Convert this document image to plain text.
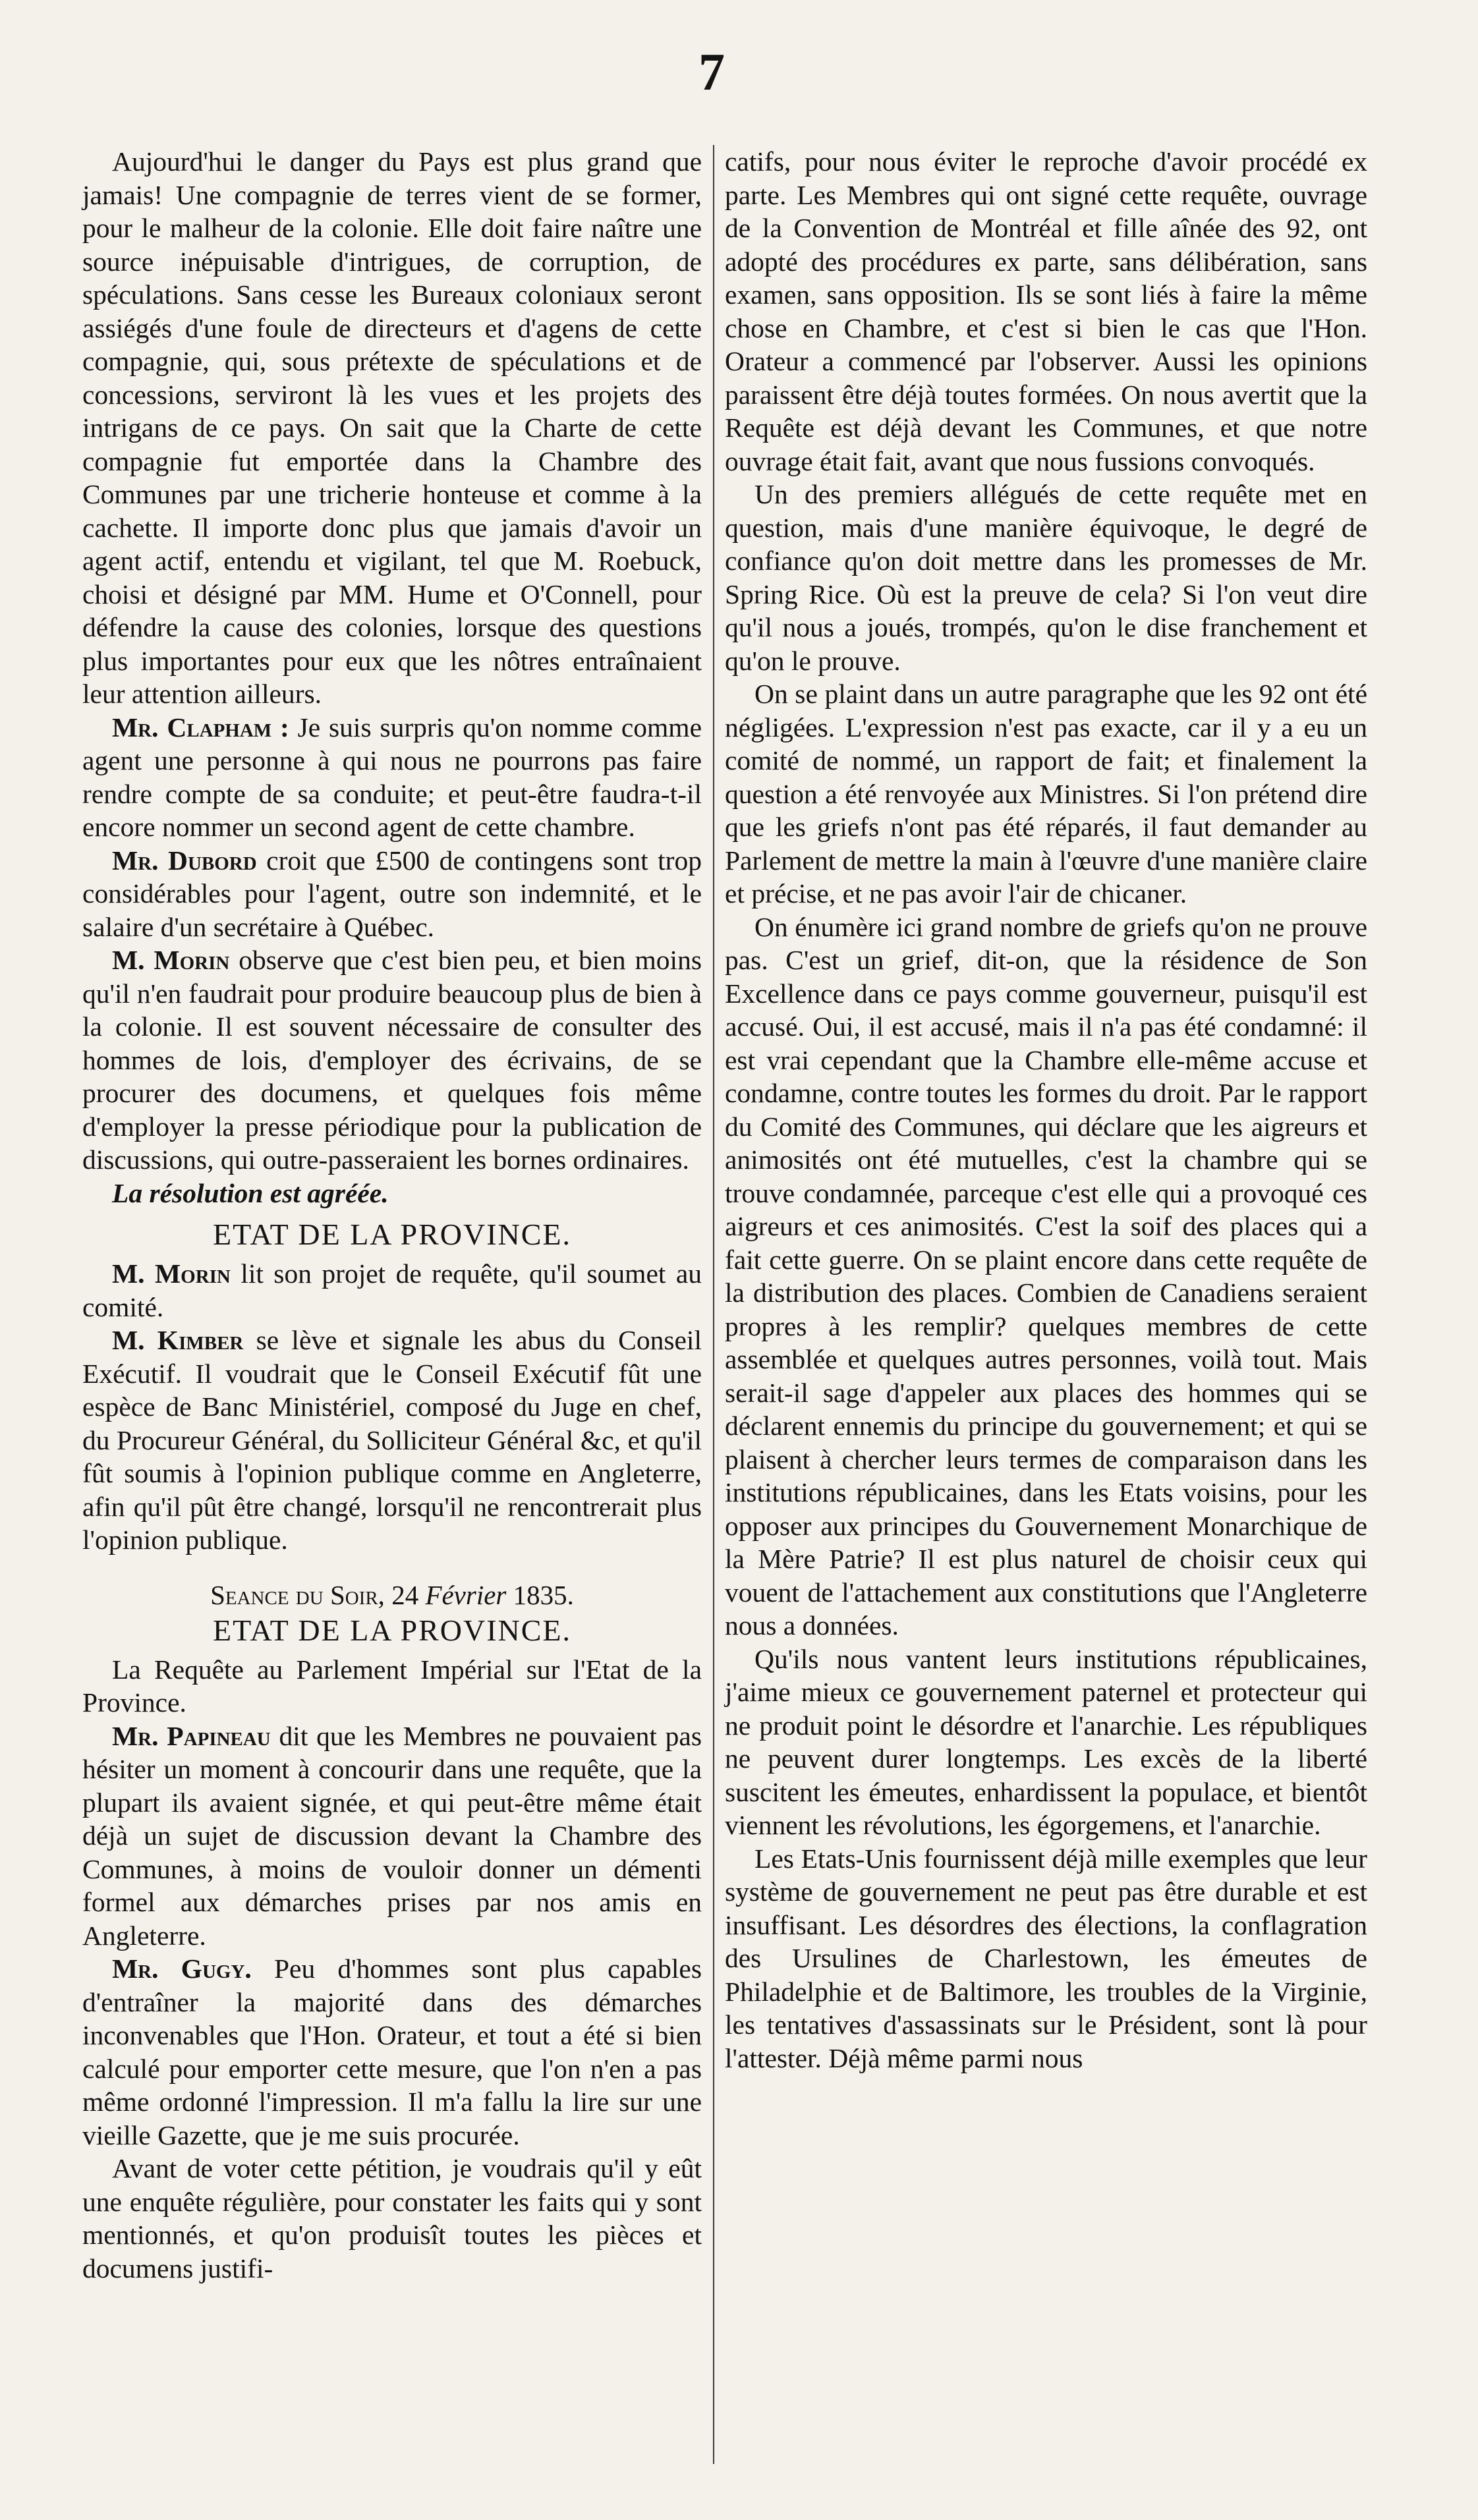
7

Aujourd'hui le danger du Pays est plus grand que jamais! Une compagnie de terres vient de se former, pour le malheur de la colonie. Elle doit faire naître une source inépuisable d'intrigues, de corruption, de spéculations. Sans cesse les Bureaux coloniaux seront assiégés d'une foule de directeurs et d'agens de cette compagnie, qui, sous prétexte de spéculations et de concessions, serviront là les vues et les projets des intrigans de ce pays. On sait que la Charte de cette compagnie fut emportée dans la Chambre des Communes par une tricherie honteuse et comme à la cachette. Il importe donc plus que jamais d'avoir un agent actif, entendu et vigilant, tel que M. Roebuck, choisi et désigné par MM. Hume et O'Connell, pour défendre la cause des colonies, lorsque des questions plus importantes pour eux que les nôtres entraînaient leur attention ailleurs.

Mr. Clapham : Je suis surpris qu'on nomme comme agent une personne à qui nous ne pourrons pas faire rendre compte de sa conduite; et peut-être faudra-t-il encore nommer un second agent de cette chambre.

Mr. Dubord croit que £500 de contingens sont trop considérables pour l'agent, outre son indemnité, et le salaire d'un secrétaire à Québec.

M. Morin observe que c'est bien peu, et bien moins qu'il n'en faudrait pour produire beaucoup plus de bien à la colonie. Il est souvent nécessaire de consulter des hommes de lois, d'employer des écrivains, de se procurer des documens, et quelques fois même d'employer la presse périodique pour la publication de discussions, qui outre-passeraient les bornes ordinaires.

La résolution est agréée.

ETAT DE LA PROVINCE.

M. Morin lit son projet de requête, qu'il soumet au comité.

M. Kimber se lève et signale les abus du Conseil Exécutif. Il voudrait que le Conseil Exécutif fût une espèce de Banc Ministériel, composé du Juge en chef, du Procureur Général, du Solliciteur Général &c, et qu'il fût soumis à l'opinion publique comme en Angleterre, afin qu'il pût être changé, lorsqu'il ne rencontrerait plus l'opinion publique.

Seance du Soir, 24 Février 1835.
ETAT DE LA PROVINCE.

La Requête au Parlement Impérial sur l'Etat de la Province.

Mr. Papineau dit que les Membres ne pouvaient pas hésiter un moment à concourir dans une requête, que la plupart ils avaient signée, et qui peut-être même était déjà un sujet de discussion devant la Chambre des Communes, à moins de vouloir donner un démenti formel aux démarches prises par nos amis en Angleterre.

Mr. Gugy. Peu d'hommes sont plus capables d'entraîner la majorité dans des démarches inconvenables que l'Hon. Orateur, et tout a été si bien calculé pour emporter cette mesure, que l'on n'en a pas même ordonné l'impression. Il m'a fallu la lire sur une vieille Gazette, que je me suis procurée.

Avant de voter cette pétition, je voudrais qu'il y eût une enquête régulière, pour constater les faits qui y sont mentionnés, et qu'on produisît toutes les pièces et documens justifi-

catifs, pour nous éviter le reproche d'avoir procédé ex parte. Les Membres qui ont signé cette requête, ouvrage de la Convention de Montréal et fille aînée des 92, ont adopté des procédures ex parte, sans délibération, sans examen, sans opposition. Ils se sont liés à faire la même chose en Chambre, et c'est si bien le cas que l'Hon. Orateur a commencé par l'observer. Aussi les opinions paraissent être déjà toutes formées. On nous avertit que la Requête est déjà devant les Communes, et que notre ouvrage était fait, avant que nous fussions convoqués.

Un des premiers allégués de cette requête met en question, mais d'une manière équivoque, le degré de confiance qu'on doit mettre dans les promesses de Mr. Spring Rice. Où est la preuve de cela? Si l'on veut dire qu'il nous a joués, trompés, qu'on le dise franchement et qu'on le prouve.

On se plaint dans un autre paragraphe que les 92 ont été négligées. L'expression n'est pas exacte, car il y a eu un comité de nommé, un rapport de fait; et finalement la question a été renvoyée aux Ministres. Si l'on prétend dire que les griefs n'ont pas été réparés, il faut demander au Parlement de mettre la main à l'œuvre d'une manière claire et précise, et ne pas avoir l'air de chicaner.

On énumère ici grand nombre de griefs qu'on ne prouve pas. C'est un grief, dit-on, que la résidence de Son Excellence dans ce pays comme gouverneur, puisqu'il est accusé. Oui, il est accusé, mais il n'a pas été condamné: il est vrai cependant que la Chambre elle-même accuse et condamne, contre toutes les formes du droit. Par le rapport du Comité des Communes, qui déclare que les aigreurs et animosités ont été mutuelles, c'est la chambre qui se trouve condamnée, parceque c'est elle qui a provoqué ces aigreurs et ces animosités. C'est la soif des places qui a fait cette guerre. On se plaint encore dans cette requête de la distribution des places. Combien de Canadiens seraient propres à les remplir? quelques membres de cette assemblée et quelques autres personnes, voilà tout. Mais serait-il sage d'appeler aux places des hommes qui se déclarent ennemis du principe du gouvernement; et qui se plaisent à chercher leurs termes de comparaison dans les institutions républicaines, dans les Etats voisins, pour les opposer aux principes du Gouvernement Monarchique de la Mère Patrie? Il est plus naturel de choisir ceux qui vouent de l'attachement aux constitutions que l'Angleterre nous a données.

Qu'ils nous vantent leurs institutions républicaines, j'aime mieux ce gouvernement paternel et protecteur qui ne produit point le désordre et l'anarchie. Les républiques ne peuvent durer longtemps. Les excès de la liberté suscitent les émeutes, enhardissent la populace, et bientôt viennent les révolutions, les égorgemens, et l'anarchie.

Les Etats-Unis fournissent déjà mille exemples que leur système de gouvernement ne peut pas être durable et est insuffisant. Les désordres des élections, la conflagration des Ursulines de Charlestown, les émeutes de Philadelphie et de Baltimore, les troubles de la Virginie, les tentatives d'assassinats sur le Président, sont là pour l'attester. Déjà même parmi nous
